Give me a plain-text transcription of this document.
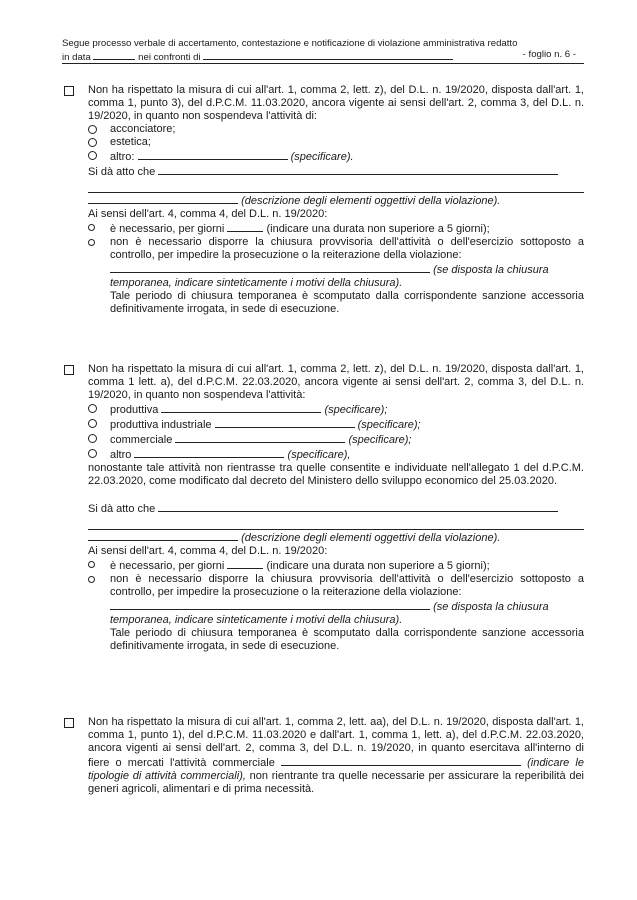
Segue processo verbale di accertamento, contestazione e notificazione di violazione amministrativa redatto
in data	nei confronti di	- foglio n. 6 -
Non ha rispettato la misura di cui all'art. 1, comma 2, lett. z), del D.L. n. 19/2020, disposta dall'art. 1, comma 1, punto 3), del d.P.C.M. 11.03.2020, ancora vigente ai sensi dell'art. 2, comma 3, del D.L. n. 19/2020, in quanto non sospendeva l'attività di:
acconciatore;
estetica;
altro:	(specificare).
Si dà atto che
(descrizione degli elementi oggettivi della violazione).
Ai sensi dell'art. 4, comma 4, del D.L. n. 19/2020:
è necessario, per giorni	(indicare una durata non superiore a 5 giorni);
non è necessario disporre la chiusura provvisoria dell'attività o dell'esercizio sottoposto a controllo, per impedire la prosecuzione o la reiterazione della violazione:
(se disposta la chiusura
temporanea, indicare sinteticamente i motivi della chiusura).
Tale periodo di chiusura temporanea è scomputato dalla corrispondente sanzione accessoria definitivamente irrogata, in sede di esecuzione.
Non ha rispettato la misura di cui all'art. 1, comma 2, lett. z), del D.L. n. 19/2020, disposta dall'art. 1, comma 1 lett. a), del d.P.C.M. 22.03.2020, ancora vigente ai sensi dell'art. 2, comma 3, del D.L. n. 19/2020, in quanto non sospendeva l'attività:
produttiva	(specificare);
produttiva industriale	(specificare);
commerciale	(specificare);
altro	(specificare),
nonostante tale attività non rientrasse tra quelle consentite e individuate nell'allegato 1 del d.P.C.M. 22.03.2020, come modificato dal decreto del Ministero dello sviluppo economico del 25.03.2020.
Si dà atto che
(descrizione degli elementi oggettivi della violazione).
Ai sensi dell'art. 4, comma 4, del D.L. n. 19/2020:
è necessario, per giorni	(indicare una durata non superiore a 5 giorni);
non è necessario disporre la chiusura provvisoria dell'attività o dell'esercizio sottoposto a controllo, per impedire la prosecuzione o la reiterazione della violazione:
(se disposta la chiusura
temporanea, indicare sinteticamente i motivi della chiusura).
Tale periodo di chiusura temporanea è scomputato dalla corrispondente sanzione accessoria definitivamente irrogata, in sede di esecuzione.
Non ha rispettato la misura di cui all'art. 1, comma 2, lett. aa), del D.L. n. 19/2020, disposta dall'art. 1, comma 1, punto 1), del d.P.C.M. 11.03.2020 e dall'art. 1, comma 1, lett. a), del d.P.C.M. 22.03.2020, ancora vigenti ai sensi dell'art. 2, comma 3, del D.L. n. 19/2020, in quanto esercitava all'interno di fiere o mercati l'attività commerciale	(indicare le tipologie di attività commerciali), non rientrante tra quelle necessarie per assicurare la reperibilità dei generi agricoli, alimentari e di prima necessità.
